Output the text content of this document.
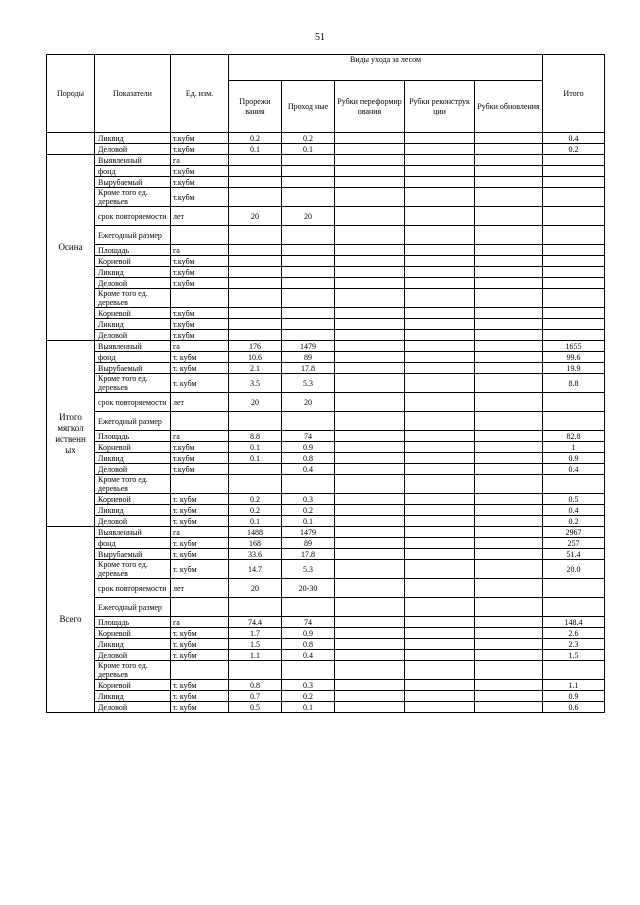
51
Породы	Показатели	Ед. изм.	Виды ухода за лесом					Итого
			Прорежи вания	Проход ные	Рубки переформир ования	Рубки реконструк ции	Рубки обновления	
	Ликвид	т.кубм	0.2	0.2				0.4
	Деловой	т.кубм	0.1	0.1				0.2
Осина	Выявленный	га						
	фонд	т.кубм						
	Вырубаемый	т.кубм						
	Кроме того ед. деревьев	т.кубм						
	срок повторяемости	лет	20	20				
	Ежегодный размер							
	Площадь	га						
	Корневой	т.кубм						
	Ликвид	т.кубм						
	Деловой	т.кубм						
	Кроме того ед. деревьев							
	Корневой	т.кубм						
	Ликвид	т.кубм						
	Деловой	т.кубм						
Итого мягкол иственн ых	Выявленный	га	176	1479				1655
	фонд	т. кубм	10.6	89				99.6
	Вырубаемый	т. кубм	2.1	17.8				19.9
	Кроме того ед. деревьев	т. кубм	3.5	5.3				8.8
	срок повторяемости	лет	20	20				
	Ежегодный размер							
	Площадь	га	8.8	74				82.8
	Корневой	т.кубм	0.1	0.9				1
	Ликвид	т.кубм	0.1	0.8				0.9
	Деловой	т.кубм		0.4				0.4
	Кроме того ед. деревьев							
	Корневой	т. кубм	0.2	0.3				0.5
	Ликвид	т. кубм	0.2	0.2				0.4
	Деловой	т. кубм	0.1	0.1				0.2
Всего	Выявленный	га	1488	1479				2967
	фонд	т. кубм	168	89				257
	Вырубаемый	т. кубм	33.6	17.8				51.4
	Кроме того ед. деревьев	т. кубм	14.7	5.3				20.0
	срок повторяемости	лет	20	20-30				
	Ежегодный размер							
	Площадь	га	74.4	74				148.4
	Корневой	т. кубм	1.7	0.9				2.6
	Ликвид	т. кубм	1.5	0.8				2.3
	Деловой	т. кубм	1.1	0.4				1.5
	Кроме того ед. деревьев							
	Корневой	т. кубм	0.8	0.3				1.1
	Ликвид	т. кубм	0.7	0.2				0.9
	Деловой	т. кубм	0.5	0.1				0.6
